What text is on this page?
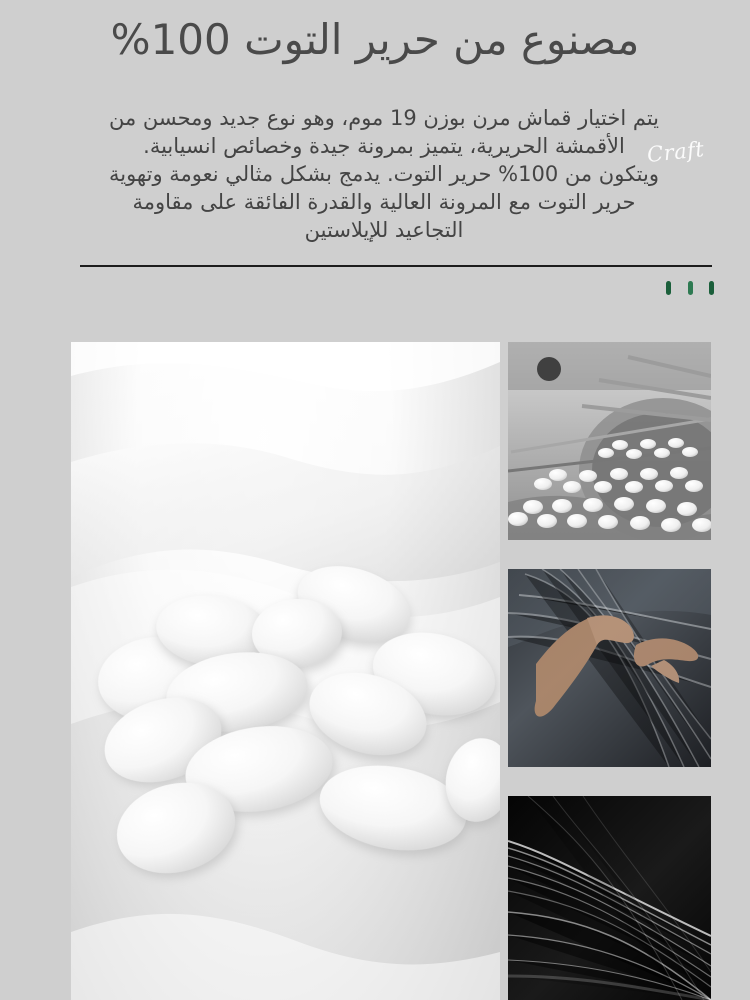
مصنوع من حرير التوت 100%

يتم اختيار قماش مرن بوزن 19 موم، وهو نوع جديد ومحسن من

الأقمشة الحريرية، يتميز بمرونة جيدة وخصائص انسيابية.

ويتكون من 100% حرير التوت. يدمج بشكل مثالي نعومة وتهوية

حرير التوت مع المرونة العالية والقدرة الفائقة على مقاومة

التجاعيد للإيلاستين

Craft
